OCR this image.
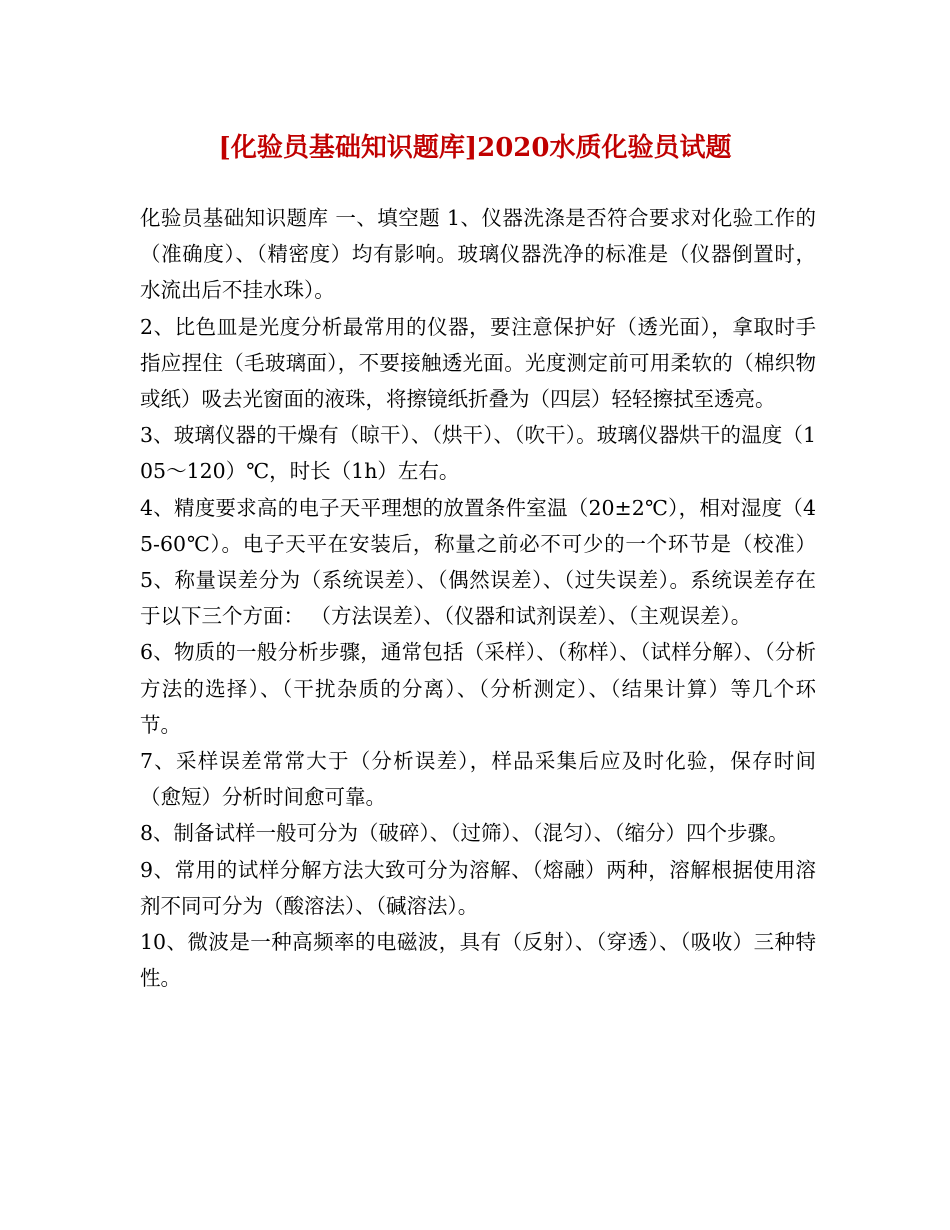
[化验员基础知识题库]2020水质化验员试题

化验员基础知识题库 一、填空题 1、仪器洗涤是否符合要求对化验工作的（准确度）、（精密度）均有影响。玻璃仪器洗净的标准是（仪器倒置时，水流出后不挂水珠）。

2、比色皿是光度分析最常用的仪器，要注意保护好（透光面），拿取时手指应捏住（毛玻璃面），不要接触透光面。光度测定前可用柔软的（棉织物或纸）吸去光窗面的液珠，将擦镜纸折叠为（四层）轻轻擦拭至透亮。

3、玻璃仪器的干燥有（晾干）、（烘干）、（吹干）。玻璃仪器烘干的温度（105～120）℃，时长（1h）左右。

4、精度要求高的电子天平理想的放置条件室温（20±2℃），相对湿度（45-60℃）。电子天平在安装后，称量之前必不可少的一个环节是（校准） 5、称量误差分为（系统误差）、（偶然误差）、（过失误差）。系统误差存在于以下三个方面： （方法误差）、（仪器和试剂误差）、（主观误差）。

6、物质的一般分析步骤，通常包括（采样）、（称样）、（试样分解）、（分析方法的选择）、（干扰杂质的分离）、（分析测定）、（结果计算）等几个环节。

7、采样误差常常大于（分析误差），样品采集后应及时化验，保存时间（愈短）分析时间愈可靠。

8、制备试样一般可分为（破碎）、（过筛）、（混匀）、（缩分）四个步骤。

9、常用的试样分解方法大致可分为溶解、（熔融）两种，溶解根据使用溶剂不同可分为（酸溶法）、（碱溶法）。

10、微波是一种高频率的电磁波，具有（反射）、（穿透）、（吸收）三种特性。
